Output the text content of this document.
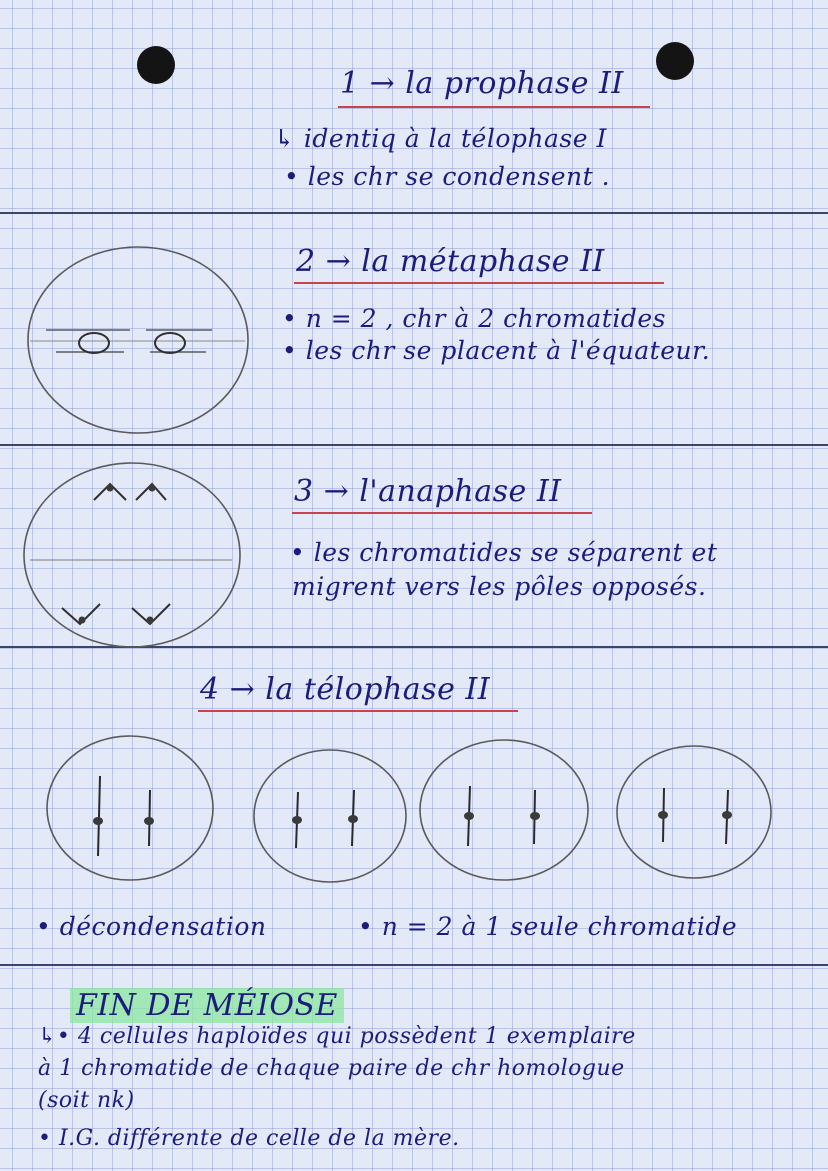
1 → la prophase II
↳ identiq à la télophase I
• les chr se condensent .
2 → la métaphase II
• n = 2 , chr à 2 chromatides
• les chr se placent à l'équateur.
3 → l'anaphase II
• les chromatides se séparent et
migrent vers les pôles opposés.
4 → la télophase II
• décondensation	• n = 2 à 1 seule chromatide
FIN DE MÉIOSE
↳• 4 cellules haploïdes qui possèdent 1 exemplaire
à 1 chromatide de chaque paire de chr homologue
(soit nk)
• I.G. différente de celle de la mère.
